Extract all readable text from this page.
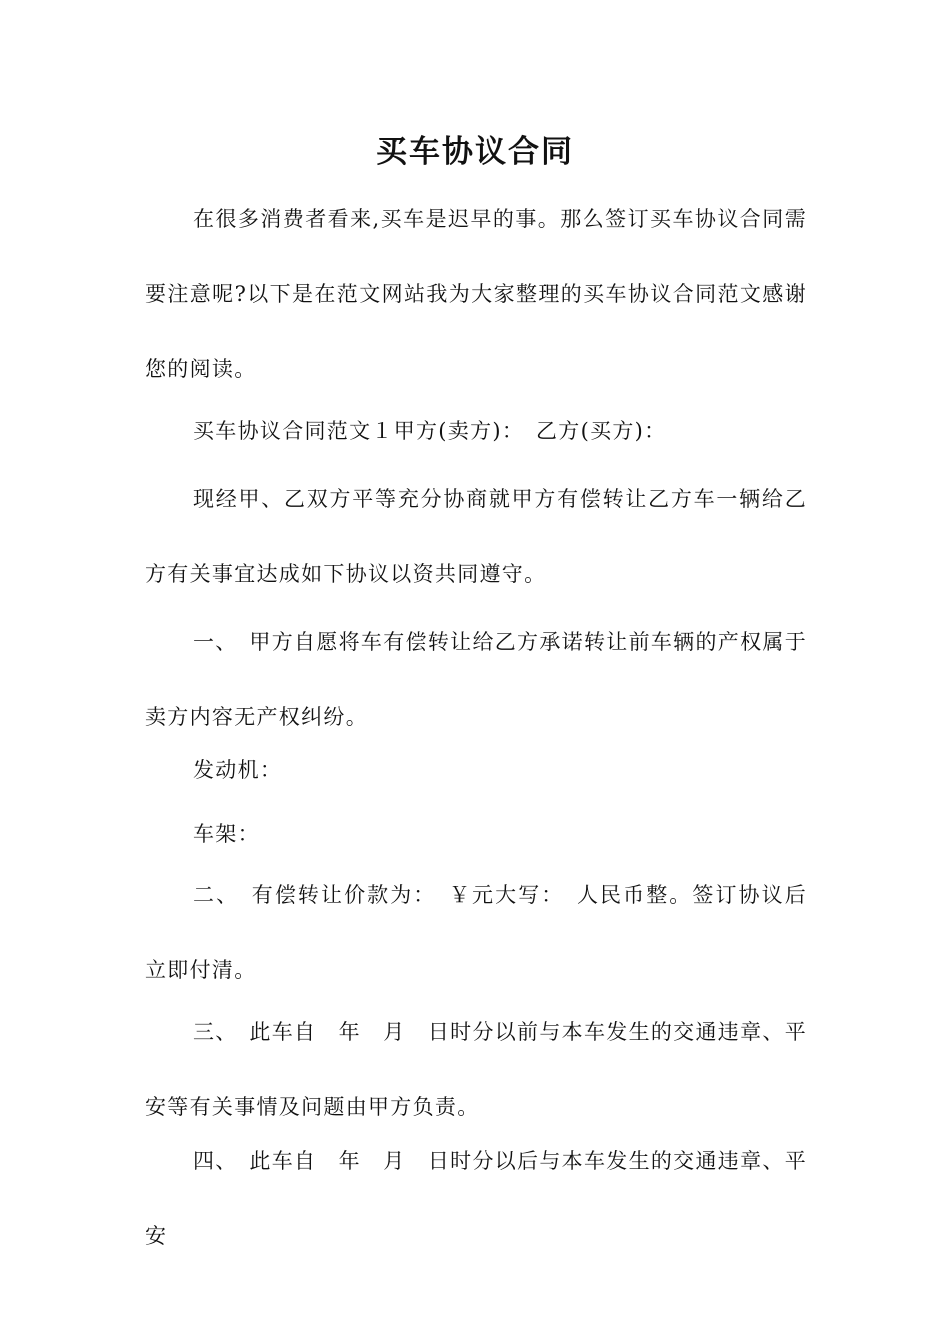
买车协议合同

在很多消费者看来,买车是迟早的事。那么签订买车协议合同需要注意呢?以下是在范文网站我为大家整理的买车协议合同范文感谢您的阅读。

买车协议合同范文１甲方(卖方)：　乙方(买方)：

现经甲、乙双方平等充分协商就甲方有偿转让乙方车一辆给乙方有关事宜达成如下协议以资共同遵守。

一、　甲方自愿将车有偿转让给乙方承诺转让前车辆的产权属于卖方内容无产权纠纷。

发动机：

车架：

二、　有偿转让价款为：　￥元大写：　人民币整。签订协议后立即付清。

三、　此车自　年　月　日时分以前与本车发生的交通违章、平安等有关事情及问题由甲方负责。

四、　此车自　年　月　日时分以后与本车发生的交通违章、平安
